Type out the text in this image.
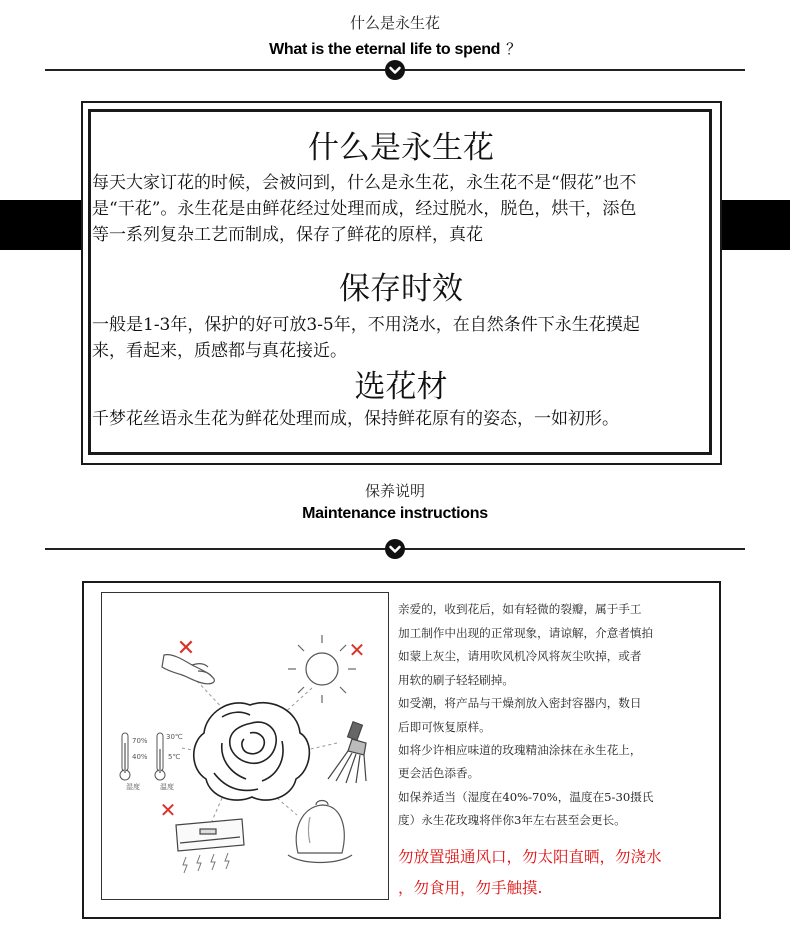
什么是永生花
What is the eternal life to spend ？
什么是永生花
每天大家订花的时候，会被问到，什么是永生花，永生花不是“假花”也不
是“干花”。永生花是由鲜花经过处理而成，经过脱水，脱色，烘干，添色
等一系列复杂工艺而制成，保存了鲜花的原样，真花
保存时效
一般是1-3年，保护的好可放3-5年，不用浇水，在自然条件下永生花摸起
来，看起来，质感都与真花接近。
选花材
千梦花丝语永生花为鲜花处理而成，保持鲜花原有的姿态，一如初形。
保养说明
Maintenance instructions
✕	✕
70%
40%
30℃
5℃
湿度	温度
✕
亲爱的，收到花后，如有轻微的裂瓣，属于手工
加工制作中出现的正常现象，请谅解，介意者慎拍
如蒙上灰尘，请用吹风机冷风将灰尘吹掉，或者
用软的刷子轻轻刷掉。
如受潮，将产品与干燥剂放入密封容器内，数日
后即可恢复原样。
如将少许相应味道的玫瑰精油涂抹在永生花上，
更会活色添香。
如保养适当（湿度在40%-70%，温度在5-30摄氏
度）永生花玫瑰将伴你3年左右甚至会更长。
勿放置强通风口，勿太阳直晒，勿浇水
，勿食用，勿手触摸.
